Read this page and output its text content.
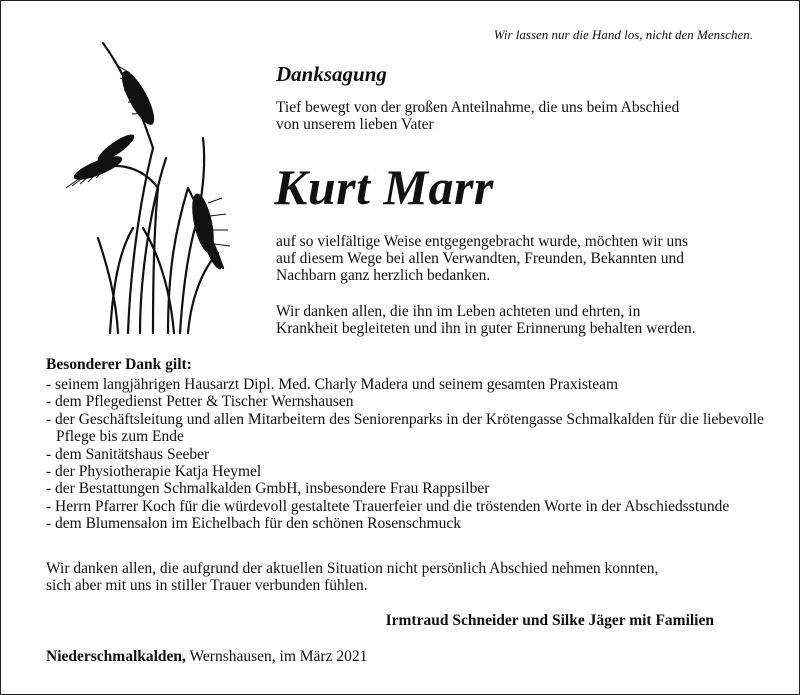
Wir lassen nur die Hand los, nicht den Menschen.
Danksagung
Tief bewegt von der großen Anteilnahme, die uns beim Abschied
von unserem lieben Vater
Kurt Marr
auf so vielfältige Weise entgegengebracht wurde, möchten wir uns
auf diesem Wege bei allen Verwandten, Freunden, Bekannten und
Nachbarn ganz herzlich bedanken.
Wir danken allen, die ihn im Leben achteten und ehrten, in
Krankheit begleiteten und ihn in guter Erinnerung behalten werden.
Besonderer Dank gilt:
- seinem langjährigen Hausarzt Dipl. Med. Charly Madera und seinem gesamten Praxisteam
- dem Pflegedienst Petter & Tischer Wernshausen
- der Geschäftsleitung und allen Mitarbeitern des Seniorenparks in der Krötengasse Schmalkalden für die liebevolle Pflege bis zum Ende
- dem Sanitätshaus Seeber
- der Physiotherapie Katja Heymel
- der Bestattungen Schmalkalden GmbH, insbesondere Frau Rappsilber
- Herrn Pfarrer Koch für die würdevoll gestaltete Trauerfeier und die tröstenden Worte in der Abschiedsstunde
- dem Blumensalon im Eichelbach für den schönen Rosenschmuck
Wir danken allen, die aufgrund der aktuellen Situation nicht persönlich Abschied nehmen konnten,
sich aber mit uns in stiller Trauer verbunden fühlen.
Irmtraud Schneider und Silke Jäger mit Familien
Niederschmalkalden, Wernshausen, im März 2021
